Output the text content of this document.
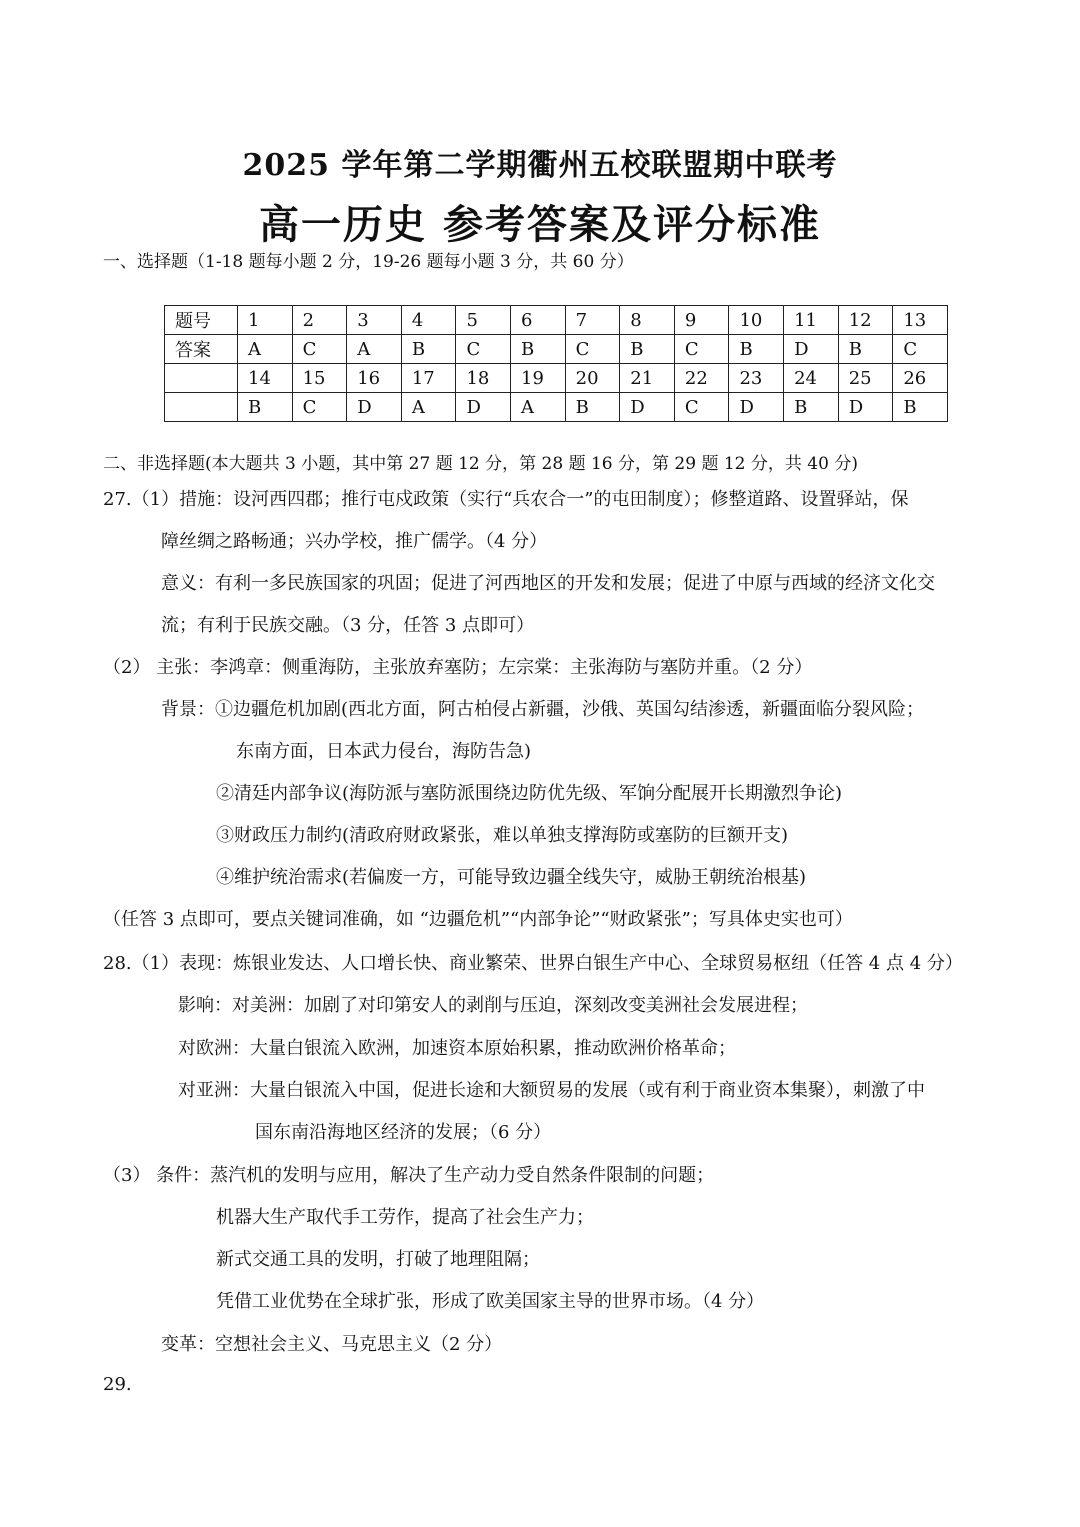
2025 学年第二学期衢州五校联盟期中联考
高一历史 参考答案及评分标准
一、选择题（1-18 题每小题 2 分，19-26 题每小题 3 分，共 60 分）
题号	1	2	3	4	5	6	7	8	9	10	11	12	13
答案	A	C	A	B	C	B	C	B	C	B	D	B	C
	14	15	16	17	18	19	20	21	22	23	24	25	26
	B	C	D	A	D	A	B	D	C	D	B	D	B
二、非选择题(本大题共 3 小题，其中第 27 题 12 分，第 28 题 16 分，第 29 题 12 分，共 40 分)
27.（1）措施：设河西四郡；推行屯戍政策（实行“兵农合一”的屯田制度）；修整道路、设置驿站，保
障丝绸之路畅通；兴办学校，推广儒学。（4 分）
意义：有利一多民族国家的巩固；促进了河西地区的开发和发展；促进了中原与西域的经济文化交
流；有利于民族交融。（3 分，任答 3 点即可）
（2） 主张：李鸿章：侧重海防，主张放弃塞防；左宗棠：主张海防与塞防并重。（2 分）
背景：①边疆危机加剧(西北方面，阿古柏侵占新疆，沙俄、英国勾结渗透，新疆面临分裂风险；
东南方面，日本武力侵台，海防告急)
②清廷内部争议(海防派与塞防派围绕边防优先级、军饷分配展开长期激烈争论)
③财政压力制约(清政府财政紧张，难以单独支撑海防或塞防的巨额开支)
④维护统治需求(若偏废一方，可能导致边疆全线失守，威胁王朝统治根基)
（任答 3 点即可，要点关键词准确，如 “边疆危机”“内部争论”“财政紧张”；写具体史实也可）
28.（1）表现：炼银业发达、人口增长快、商业繁荣、世界白银生产中心、全球贸易枢纽（任答 4 点 4 分）
影响：对美洲：加剧了对印第安人的剥削与压迫，深刻改变美洲社会发展进程；
对欧洲：大量白银流入欧洲，加速资本原始积累，推动欧洲价格革命；
对亚洲：大量白银流入中国，促进长途和大额贸易的发展（或有利于商业资本集聚），刺激了中
国东南沿海地区经济的发展；（6 分）
（3） 条件：蒸汽机的发明与应用，解决了生产动力受自然条件限制的问题；
机器大生产取代手工劳作，提高了社会生产力；
新式交通工具的发明，打破了地理阻隔；
凭借工业优势在全球扩张，形成了欧美国家主导的世界市场。（4 分）
变革：空想社会主义、马克思主义（2 分）
29.
